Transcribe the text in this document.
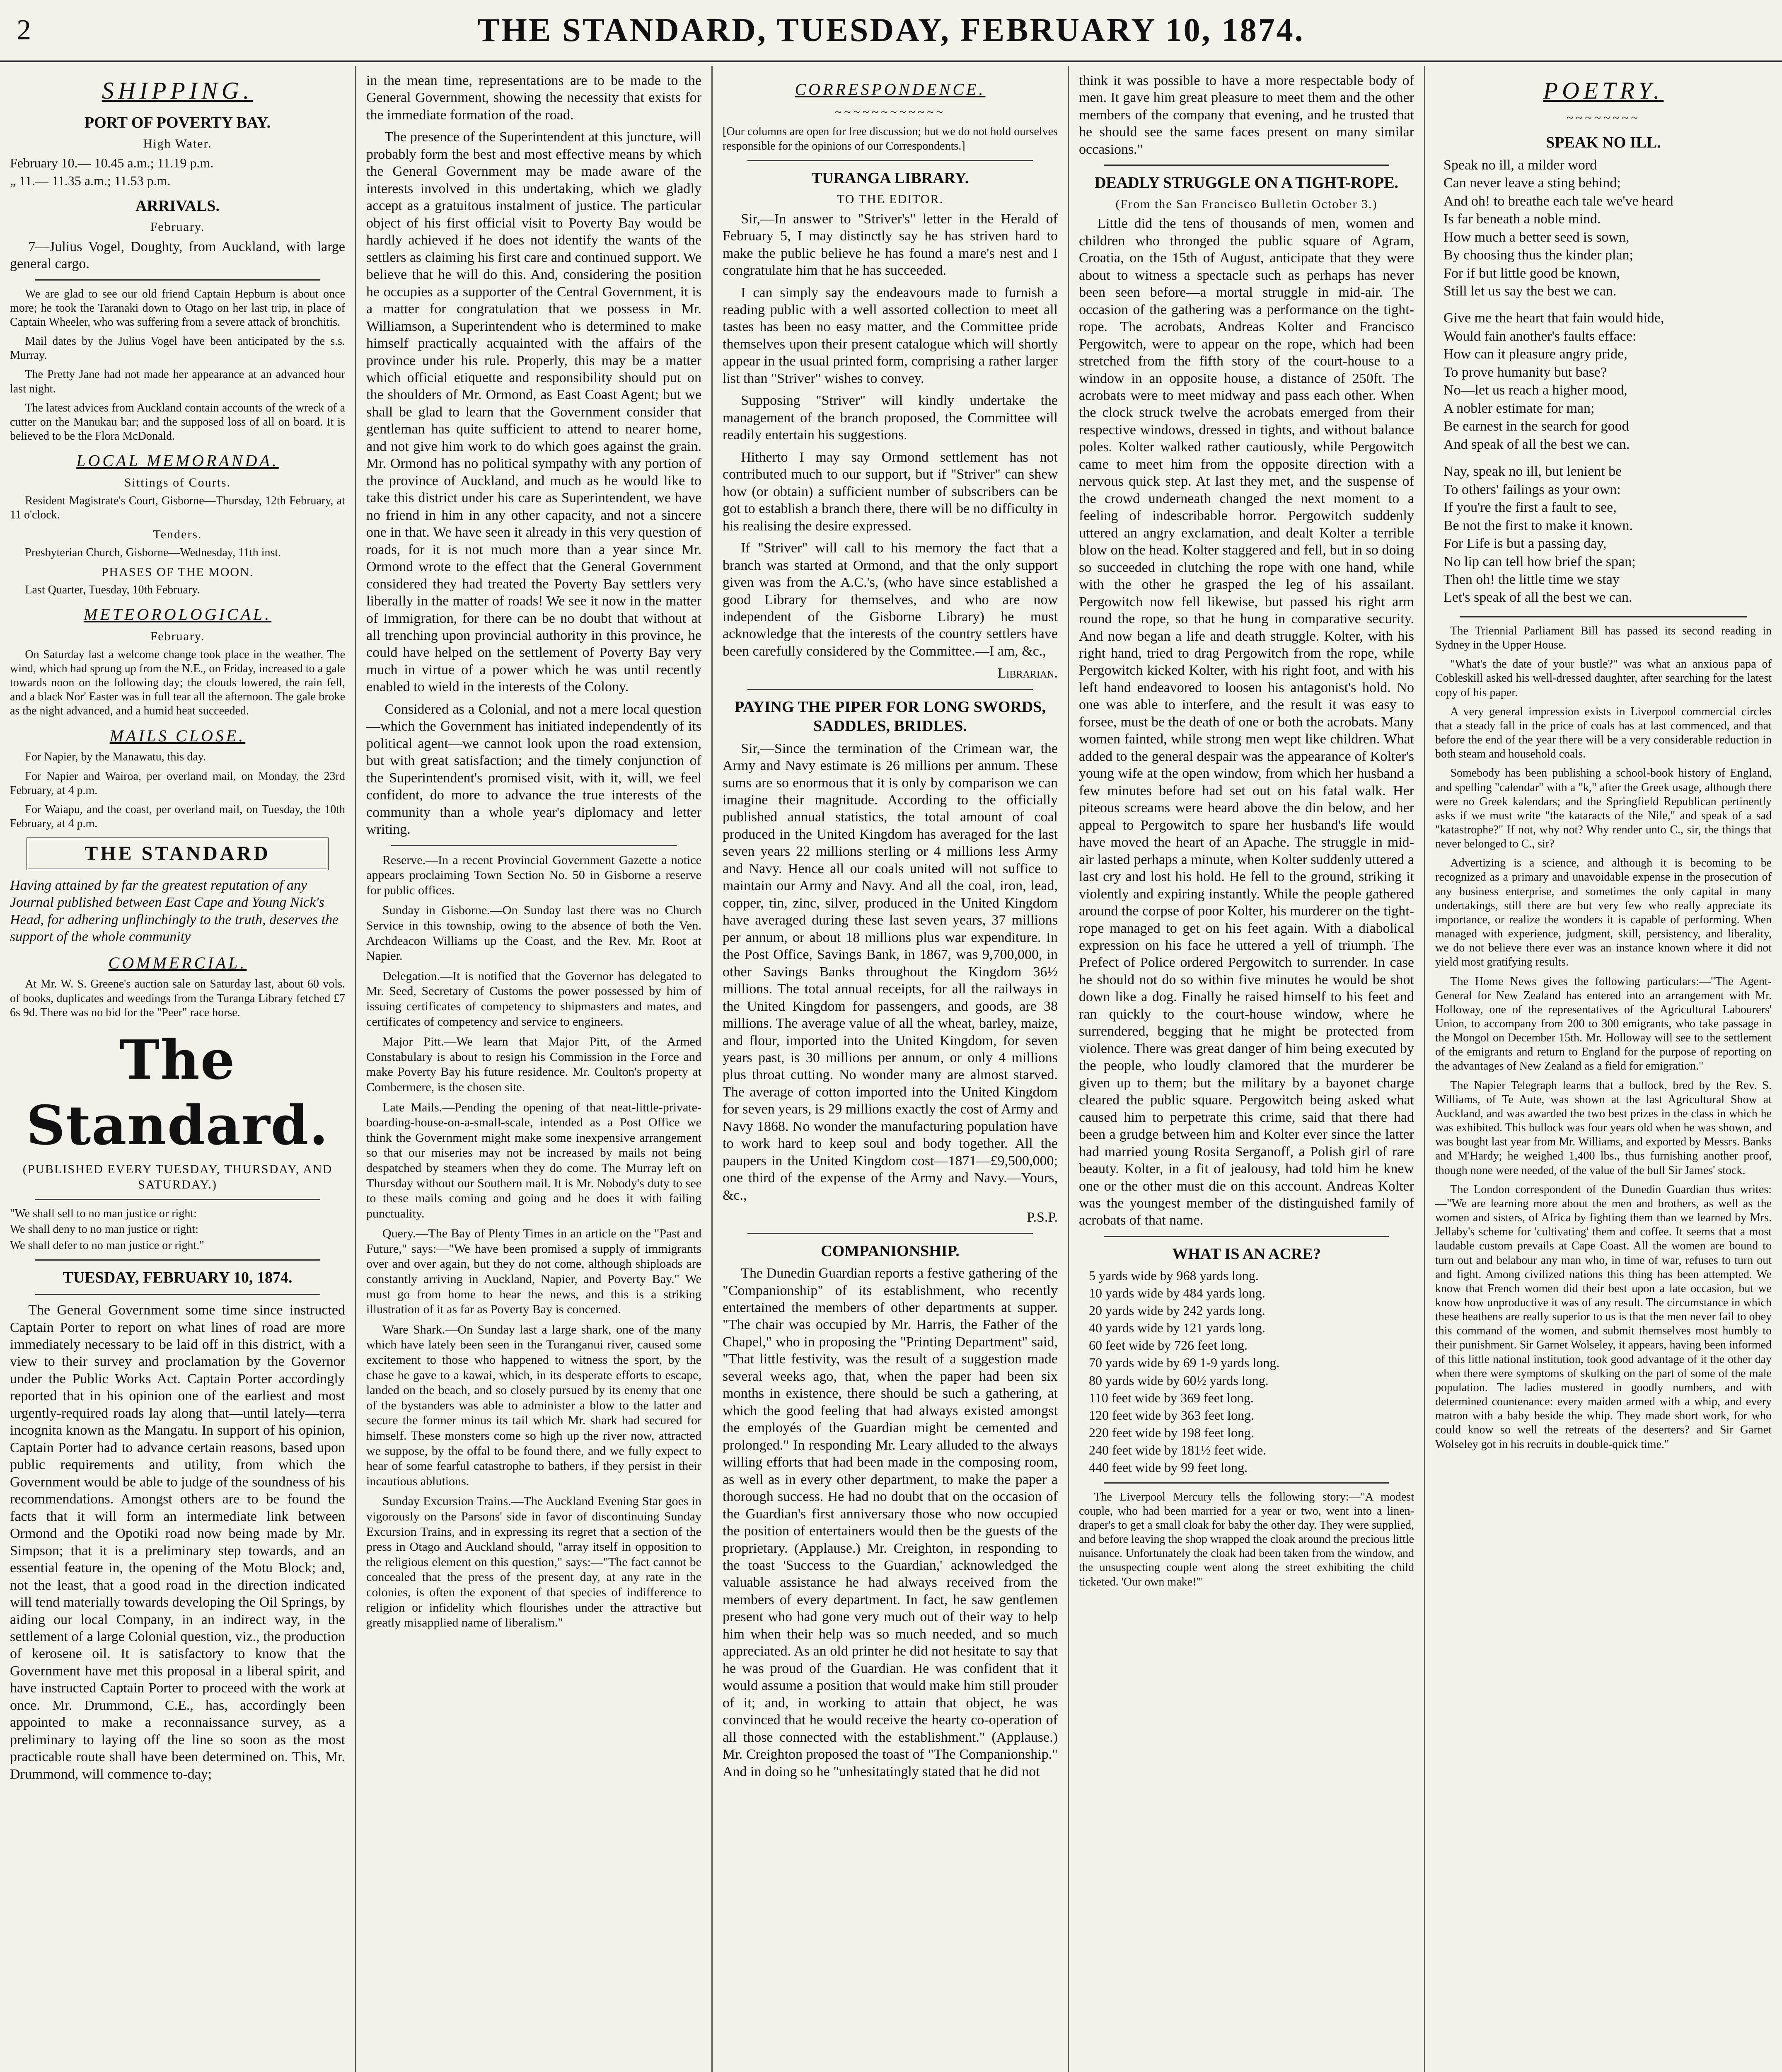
2	THE STANDARD, TUESDAY, FEBRUARY 10, 1874.
SHIPPING.
PORT OF POVERTY BAY.
High Water.
February 10.— 10.45 a.m.; 11.19 p.m.
„ 11.— 11.35 a.m.; 11.53 p.m.
ARRIVALS.
February.

7—Julius Vogel, Doughty, from Auckland, with large general cargo.

We are glad to see our old friend Captain Hepburn is about once more; he took the Taranaki down to Otago on her last trip, in place of Captain Wheeler, who was suffering from a severe attack of bronchitis.

Mail dates by the Julius Vogel have been anticipated by the s.s. Murray.

The Pretty Jane had not made her appearance at an advanced hour last night.

The latest advices from Auckland contain accounts of the wreck of a cutter on the Manukau bar; and the supposed loss of all on board. It is believed to be the Flora McDonald.

LOCAL MEMORANDA.
Sittings of Courts.

Resident Magistrate's Court, Gisborne—Thursday, 12th February, at 11 o'clock.

Tenders.

Presbyterian Church, Gisborne—Wednesday, 11th inst.

PHASES OF THE MOON.

Last Quarter, Tuesday, 10th February.

METEOROLOGICAL.
February.

On Saturday last a welcome change took place in the weather. The wind, which had sprung up from the N.E., on Friday, increased to a gale towards noon on the following day; the clouds lowered, the rain fell, and a black Nor' Easter was in full tear all the afternoon. The gale broke as the night advanced, and a humid heat succeeded.

MAILS CLOSE.

For Napier, by the Manawatu, this day.

For Napier and Wairoa, per overland mail, on Monday, the 23rd February, at 4 p.m.

For Waiapu, and the coast, per overland mail, on Tuesday, the 10th February, at 4 p.m.

THE STANDARD
Having attained by far the greatest reputation of any Journal published between East Cape and Young Nick's Head, for adhering unflinchingly to the truth, deserves the support of the whole community
COMMERCIAL.

At Mr. W. S. Greene's auction sale on Saturday last, about 60 vols. of books, duplicates and weedings from the Turanga Library fetched £7 6s 9d. There was no bid for the "Peer" race horse.

The Standard.
(PUBLISHED EVERY TUESDAY, THURSDAY, AND SATURDAY.)
"We shall sell to no man justice or right:
We shall deny to no man justice or right:
We shall defer to no man justice or right."
TUESDAY, FEBRUARY 10, 1874.

The General Government some time since instructed Captain Porter to report on what lines of road are more immediately necessary to be laid off in this district, with a view to their survey and proclamation by the Governor under the Public Works Act. Captain Porter accordingly reported that in his opinion one of the earliest and most urgently-required roads lay along that—until lately—terra incognita known as the Mangatu. In support of his opinion, Captain Porter had to advance certain reasons, based upon public requirements and utility, from which the Government would be able to judge of the soundness of his recommendations. Amongst others are to be found the facts that it will form an intermediate link between Ormond and the Opotiki road now being made by Mr. Simpson; that it is a preliminary step towards, and an essential feature in, the opening of the Motu Block; and, not the least, that a good road in the direction indicated will tend materially towards developing the Oil Springs, by aiding our local Company, in an indirect way, in the settlement of a large Colonial question, viz., the production of kerosene oil. It is satisfactory to know that the Government have met this proposal in a liberal spirit, and have instructed Captain Porter to proceed with the work at once. Mr. Drummond, C.E., has, accordingly been appointed to make a reconnaissance survey, as a preliminary to laying off the line so soon as the most practicable route shall have been determined on. This, Mr. Drummond, will commence to-day;

in the mean time, representations are to be made to the General Government, showing the necessity that exists for the immediate formation of the road.

The presence of the Superintendent at this juncture, will probably form the best and most effective means by which the General Government may be made aware of the interests involved in this undertaking, which we gladly accept as a gratuitous instalment of justice. The particular object of his first official visit to Poverty Bay would be hardly achieved if he does not identify the wants of the settlers as claiming his first care and continued support. We believe that he will do this. And, considering the position he occupies as a supporter of the Central Government, it is a matter for congratulation that we possess in Mr. Williamson, a Superintendent who is determined to make himself practically acquainted with the affairs of the province under his rule. Properly, this may be a matter which official etiquette and responsibility should put on the shoulders of Mr. Ormond, as East Coast Agent; but we shall be glad to learn that the Government consider that gentleman has quite sufficient to attend to nearer home, and not give him work to do which goes against the grain. Mr. Ormond has no political sympathy with any portion of the province of Auckland, and much as he would like to take this district under his care as Superintendent, we have no friend in him in any other capacity, and not a sincere one in that. We have seen it already in this very question of roads, for it is not much more than a year since Mr. Ormond wrote to the effect that the General Government considered they had treated the Poverty Bay settlers very liberally in the matter of roads! We see it now in the matter of Immigration, for there can be no doubt that without at all trenching upon provincial authority in this province, he could have helped on the settlement of Poverty Bay very much in virtue of a power which he was until recently enabled to wield in the interests of the Colony.

Considered as a Colonial, and not a mere local question—which the Government has initiated independently of its political agent—we cannot look upon the road extension, but with great satisfaction; and the timely conjunction of the Superintendent's promised visit, with it, will, we feel confident, do more to advance the true interests of the community than a whole year's diplomacy and letter writing.

Reserve.—In a recent Provincial Government Gazette a notice appears proclaiming Town Section No. 50 in Gisborne a reserve for public offices.

Sunday in Gisborne.—On Sunday last there was no Church Service in this township, owing to the absence of both the Ven. Archdeacon Williams up the Coast, and the Rev. Mr. Root at Napier.

Delegation.—It is notified that the Governor has delegated to Mr. Seed, Secretary of Customs the power possessed by him of issuing certificates of competency to shipmasters and mates, and certificates of competency and service to engineers.

Major Pitt.—We learn that Major Pitt, of the Armed Constabulary is about to resign his Commission in the Force and make Poverty Bay his future residence. Mr. Coulton's property at Combermere, is the chosen site.

Late Mails.—Pending the opening of that neat-little-private-boarding-house-on-a-small-scale, intended as a Post Office we think the Government might make some inexpensive arrangement so that our miseries may not be increased by mails not being despatched by steamers when they do come. The Murray left on Thursday without our Southern mail. It is Mr. Nobody's duty to see to these mails coming and going and he does it with failing punctuality.

Query.—The Bay of Plenty Times in an article on the "Past and Future," says:—"We have been promised a supply of immigrants over and over again, but they do not come, although shiploads are constantly arriving in Auckland, Napier, and Poverty Bay." We must go from home to hear the news, and this is a striking illustration of it as far as Poverty Bay is concerned.

Ware Shark.—On Sunday last a large shark, one of the many which have lately been seen in the Turanganui river, caused some excitement to those who happened to witness the sport, by the chase he gave to a kawai, which, in its desperate efforts to escape, landed on the beach, and so closely pursued by its enemy that one of the bystanders was able to administer a blow to the latter and secure the former minus its tail which Mr. shark had secured for himself. These monsters come so high up the river now, attracted we suppose, by the offal to be found there, and we fully expect to hear of some fearful catastrophe to bathers, if they persist in their incautious ablutions.

Sunday Excursion Trains.—The Auckland Evening Star goes in vigorously on the Parsons' side in favor of discontinuing Sunday Excursion Trains, and in expressing its regret that a section of the press in Otago and Auckland should, "array itself in opposition to the religious element on this question," says:—"The fact cannot be concealed that the press of the present day, at any rate in the colonies, is often the exponent of that species of indifference to religion or infidelity which flourishes under the attractive but greatly misapplied name of liberalism."

CORRESPONDENCE.
~~~~~~~~~~~~

[Our columns are open for free discussion; but we do not hold ourselves responsible for the opinions of our Correspondents.]

TURANGA LIBRARY.
TO THE EDITOR.

Sir,—In answer to "Striver's" letter in the Herald of February 5, I may distinctly say he has striven hard to make the public believe he has found a mare's nest and I congratulate him that he has succeeded.

I can simply say the endeavours made to furnish a reading public with a well assorted collection to meet all tastes has been no easy matter, and the Committee pride themselves upon their present catalogue which will shortly appear in the usual printed form, comprising a rather larger list than "Striver" wishes to convey.

Supposing "Striver" will kindly undertake the management of the branch proposed, the Committee will readily entertain his suggestions.

Hitherto I may say Ormond settlement has not contributed much to our support, but if "Striver" can shew how (or obtain) a sufficient number of subscribers can be got to establish a branch there, there will be no difficulty in his realising the desire expressed.

If "Striver" will call to his memory the fact that a branch was started at Ormond, and that the only support given was from the A.C.'s, (who have since established a good Library for themselves, and who are now independent of the Gisborne Library) he must acknowledge that the interests of the country settlers have been carefully considered by the Committee.—I am, &c.,

Librarian.
PAYING THE PIPER FOR LONG SWORDS, SADDLES, BRIDLES.

Sir,—Since the termination of the Crimean war, the Army and Navy estimate is 26 millions per annum. These sums are so enormous that it is only by comparison we can imagine their magnitude. According to the officially published annual statistics, the total amount of coal produced in the United Kingdom has averaged for the last seven years 22 millions sterling or 4 millions less Army and Navy. Hence all our coals united will not suffice to maintain our Army and Navy. And all the coal, iron, lead, copper, tin, zinc, silver, produced in the United Kingdom have averaged during these last seven years, 37 millions per annum, or about 18 millions plus war expenditure. In the Post Office, Savings Bank, in 1867, was 9,700,000, in other Savings Banks throughout the Kingdom 36½ millions. The total annual receipts, for all the railways in the United Kingdom for passengers, and goods, are 38 millions. The average value of all the wheat, barley, maize, and flour, imported into the United Kingdom, for seven years past, is 30 millions per annum, or only 4 millions plus throat cutting. No wonder many are almost starved. The average of cotton imported into the United Kingdom for seven years, is 29 millions exactly the cost of Army and Navy 1868. No wonder the manufacturing population have to work hard to keep soul and body together. All the paupers in the United Kingdom cost—1871—£9,500,000; one third of the expense of the Army and Navy.—Yours, &c.,

P.S.P.
COMPANIONSHIP.

The Dunedin Guardian reports a festive gathering of the "Companionship" of its establishment, who recently entertained the members of other departments at supper. "The chair was occupied by Mr. Harris, the Father of the Chapel," who in proposing the "Printing Department" said, "That little festivity, was the result of a suggestion made several weeks ago, that, when the paper had been six months in existence, there should be such a gathering, at which the good feeling that had always existed amongst the employés of the Guardian might be cemented and prolonged." In responding Mr. Leary alluded to the always willing efforts that had been made in the composing room, as well as in every other department, to make the paper a thorough success. He had no doubt that on the occasion of the Guardian's first anniversary those who now occupied the position of entertainers would then be the guests of the proprietary. (Applause.) Mr. Creighton, in responding to the toast 'Success to the Guardian,' acknowledged the valuable assistance he had always received from the members of every department. In fact, he saw gentlemen present who had gone very much out of their way to help him when their help was so much needed, and so much appreciated. As an old printer he did not hesitate to say that he was proud of the Guardian. He was confident that it would assume a position that would make him still prouder of it; and, in working to attain that object, he was convinced that he would receive the hearty co-operation of all those connected with the establishment." (Applause.) Mr. Creighton proposed the toast of "The Companionship." And in doing so he "unhesitatingly stated that he did not

think it was possible to have a more respectable body of men. It gave him great pleasure to meet them and the other members of the company that evening, and he trusted that he should see the same faces present on many similar occasions."

DEADLY STRUGGLE ON A TIGHT-ROPE.
(From the San Francisco Bulletin October 3.)

Little did the tens of thousands of men, women and children who thronged the public square of Agram, Croatia, on the 15th of August, anticipate that they were about to witness a spectacle such as perhaps has never been seen before—a mortal struggle in mid-air. The occasion of the gathering was a performance on the tight-rope. The acrobats, Andreas Kolter and Francisco Pergowitch, were to appear on the rope, which had been stretched from the fifth story of the court-house to a window in an opposite house, a distance of 250ft. The acrobats were to meet midway and pass each other. When the clock struck twelve the acrobats emerged from their respective windows, dressed in tights, and without balance poles. Kolter walked rather cautiously, while Pergowitch came to meet him from the opposite direction with a nervous quick step. At last they met, and the suspense of the crowd underneath changed the next moment to a feeling of indescribable horror. Pergowitch suddenly uttered an angry exclamation, and dealt Kolter a terrible blow on the head. Kolter staggered and fell, but in so doing so succeeded in clutching the rope with one hand, while with the other he grasped the leg of his assailant. Pergowitch now fell likewise, but passed his right arm round the rope, so that he hung in comparative security. And now began a life and death struggle. Kolter, with his right hand, tried to drag Pergowitch from the rope, while Pergowitch kicked Kolter, with his right foot, and with his left hand endeavored to loosen his antagonist's hold. No one was able to interfere, and the result it was easy to forsee, must be the death of one or both the acrobats. Many women fainted, while strong men wept like children. What added to the general despair was the appearance of Kolter's young wife at the open window, from which her husband a few minutes before had set out on his fatal walk. Her piteous screams were heard above the din below, and her appeal to Pergowitch to spare her husband's life would have moved the heart of an Apache. The struggle in mid-air lasted perhaps a minute, when Kolter suddenly uttered a last cry and lost his hold. He fell to the ground, striking it violently and expiring instantly. While the people gathered around the corpse of poor Kolter, his murderer on the tight-rope managed to get on his feet again. With a diabolical expression on his face he uttered a yell of triumph. The Prefect of Police ordered Pergowitch to surrender. In case he should not do so within five minutes he would be shot down like a dog. Finally he raised himself to his feet and ran quickly to the court-house window, where he surrendered, begging that he might be protected from violence. There was great danger of him being executed by the people, who loudly clamored that the murderer be given up to them; but the military by a bayonet charge cleared the public square. Pergowitch being asked what caused him to perpetrate this crime, said that there had been a grudge between him and Kolter ever since the latter had married young Rosita Serganoff, a Polish girl of rare beauty. Kolter, in a fit of jealousy, had told him he knew one or the other must die on this account. Andreas Kolter was the youngest member of the distinguished family of acrobats of that name.

WHAT IS AN ACRE?
5 yards wide by 968 yards long.
10 yards wide by 484 yards long.
20 yards wide by 242 yards long.
40 yards wide by 121 yards long.
60 feet wide by 726 feet long.
70 yards wide by 69 1-9 yards long.
80 yards wide by 60½ yards long.
110 feet wide by 369 feet long.
120 feet wide by 363 feet long.
220 feet wide by 198 feet long.
240 feet wide by 181½ feet wide.
440 feet wide by 99 feet long.

The Liverpool Mercury tells the following story:—"A modest couple, who had been married for a year or two, went into a linen-draper's to get a small cloak for baby the other day. They were supplied, and before leaving the shop wrapped the cloak around the precious little nuisance. Unfortunately the cloak had been taken from the window, and the unsuspecting couple went along the street exhibiting the child ticketed. 'Our own make!'"

POETRY.
~~~~~~~~
SPEAK NO ILL.
Speak no ill, a milder word
Can never leave a sting behind;
And oh! to breathe each tale we've heard
Is far beneath a noble mind.
How much a better seed is sown,
By choosing thus the kinder plan;
For if but little good be known,
Still let us say the best we can.
Give me the heart that fain would hide,
Would fain another's faults efface:
How can it pleasure angry pride,
To prove humanity but base?
No—let us reach a higher mood,
A nobler estimate for man;
Be earnest in the search for good
And speak of all the best we can.
Nay, speak no ill, but lenient be
To others' failings as your own:
If you're the first a fault to see,
Be not the first to make it known.
For Life is but a passing day,
No lip can tell how brief the span;
Then oh! the little time we stay
Let's speak of all the best we can.

The Triennial Parliament Bill has passed its second reading in Sydney in the Upper House.

"What's the date of your bustle?" was what an anxious papa of Cobleskill asked his well-dressed daughter, after searching for the latest copy of his paper.

A very general impression exists in Liverpool commercial circles that a steady fall in the price of coals has at last commenced, and that before the end of the year there will be a very considerable reduction in both steam and household coals.

Somebody has been publishing a school-book history of England, and spelling "calendar" with a "k," after the Greek usage, although there were no Greek kalendars; and the Springfield Republican pertinently asks if we must write "the kataracts of the Nile," and speak of a sad "katastrophe?" If not, why not? Why render unto C., sir, the things that never belonged to C., sir?

Advertizing is a science, and although it is becoming to be recognized as a primary and unavoidable expense in the prosecution of any business enterprise, and sometimes the only capital in many undertakings, still there are but very few who really appreciate its importance, or realize the wonders it is capable of performing. When managed with experience, judgment, skill, persistency, and liberality, we do not believe there ever was an instance known where it did not yield most gratifying results.

The Home News gives the following particulars:—"The Agent-General for New Zealand has entered into an arrangement with Mr. Holloway, one of the representatives of the Agricultural Labourers' Union, to accompany from 200 to 300 emigrants, who take passage in the Mongol on December 15th. Mr. Holloway will see to the settlement of the emigrants and return to England for the purpose of reporting on the advantages of New Zealand as a field for emigration."

The Napier Telegraph learns that a bullock, bred by the Rev. S. Williams, of Te Aute, was shown at the last Agricultural Show at Auckland, and was awarded the two best prizes in the class in which he was exhibited. This bullock was four years old when he was shown, and was bought last year from Mr. Williams, and exported by Messrs. Banks and M'Hardy; he weighed 1,400 lbs., thus furnishing another proof, though none were needed, of the value of the bull Sir James' stock.

The London correspondent of the Dunedin Guardian thus writes:—"We are learning more about the men and brothers, as well as the women and sisters, of Africa by fighting them than we learned by Mrs. Jellaby's scheme for 'cultivating' them and coffee. It seems that a most laudable custom prevails at Cape Coast. All the women are bound to turn out and belabour any man who, in time of war, refuses to turn out and fight. Among civilized nations this thing has been attempted. We know that French women did their best upon a late occasion, but we know how unproductive it was of any result. The circumstance in which these heathens are really superior to us is that the men never fail to obey this command of the women, and submit themselves most humbly to their punishment. Sir Garnet Wolseley, it appears, having been informed of this little national institution, took good advantage of it the other day when there were symptoms of skulking on the part of some of the male population. The ladies mustered in goodly numbers, and with determined countenance: every maiden armed with a whip, and every matron with a baby beside the whip. They made short work, for who could know so well the retreats of the deserters? and Sir Garnet Wolseley got in his recruits in double-quick time."
